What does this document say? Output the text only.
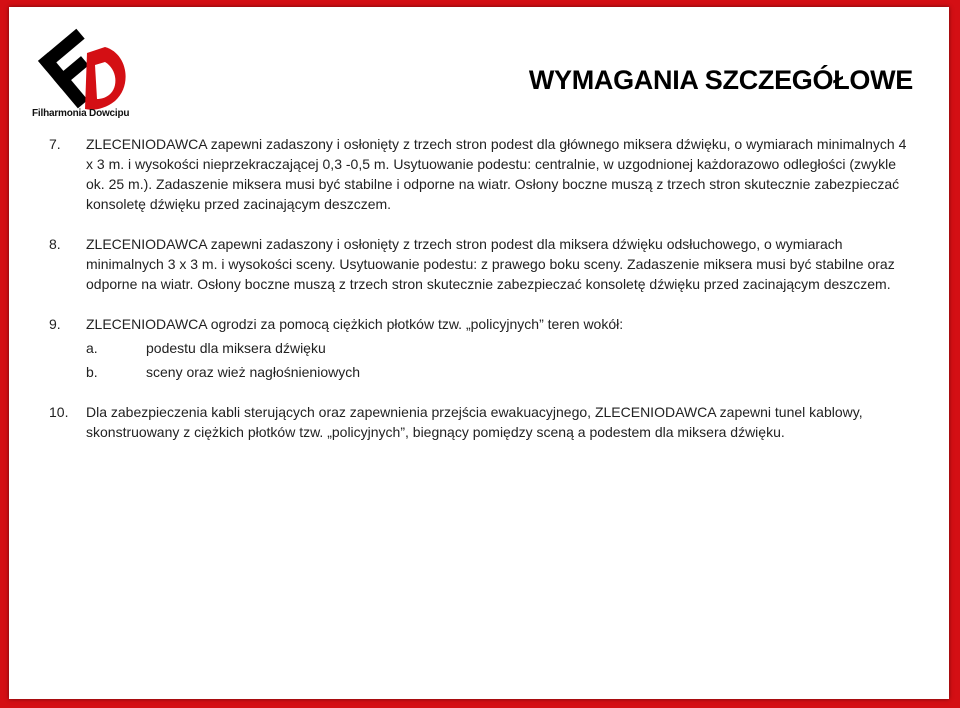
Filharmonia Dowcipu
WYMAGANIA SZCZEGÓŁOWE
7. ZLECENIODAWCA zapewni zadaszony i osłonięty z trzech stron podest dla głównego miksera dźwięku, o wymiarach minimalnych 4 x 3 m. i wysokości nieprzekraczającej 0,3 -0,5 m. Usytuowanie podestu: centralnie, w uzgodnionej każdorazowo odległości (zwykle ok. 25 m.). Zadaszenie miksera musi być stabilne i odporne na wiatr. Osłony boczne muszą z trzech stron skutecznie zabezpieczać konsoletę dźwięku przed zacinającym deszczem.
8. ZLECENIODAWCA zapewni zadaszony i osłonięty z trzech stron podest dla miksera dźwięku odsłuchowego, o wymiarach minimalnych 3 x 3 m. i wysokości sceny. Usytuowanie podestu: z prawego boku sceny. Zadaszenie miksera musi być stabilne oraz odporne na wiatr. Osłony boczne muszą z trzech stron skutecznie zabezpieczać konsoletę dźwięku przed zacinającym deszczem.
9. ZLECENIODAWCA ogrodzi za pomocą ciężkich płotków tzw. „policyjnych” teren wokół:
a.	podestu dla miksera dźwięku
b.	sceny oraz wież nagłośnieniowych
10. Dla zabezpieczenia kabli sterujących oraz zapewnienia przejścia ewakuacyjnego, ZLECENIODAWCA zapewni tunel kablowy, skonstruowany z ciężkich płotków tzw. „policyjnych”, biegnący pomiędzy sceną a podestem dla miksera dźwięku.
